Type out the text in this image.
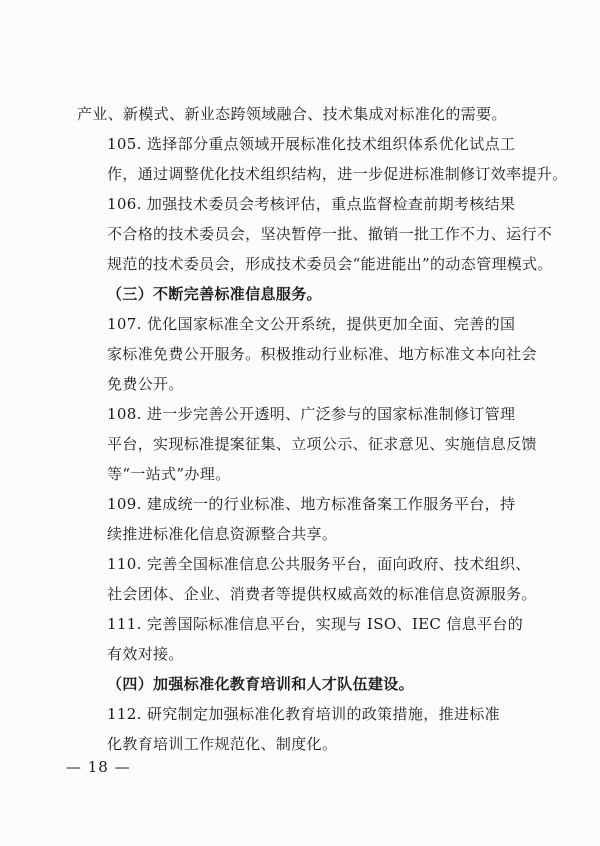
产业、新模式、新业态跨领域融合、技术集成对标准化的需要。

105. 选择部分重点领域开展标准化技术组织体系优化试点工
作，通过调整优化技术组织结构，进一步促进标准制修订效率提升。

106. 加强技术委员会考核评估，重点监督检查前期考核结果
不合格的技术委员会，坚决暂停一批、撤销一批工作不力、运行不
规范的技术委员会，形成技术委员会“能进能出”的动态管理模式。

（三）不断完善标准信息服务。

107. 优化国家标准全文公开系统，提供更加全面、完善的国
家标准免费公开服务。积极推动行业标准、地方标准文本向社会
免费公开。

108. 进一步完善公开透明、广泛参与的国家标准制修订管理
平台，实现标准提案征集、立项公示、征求意见、实施信息反馈
等“一站式”办理。

109. 建成统一的行业标准、地方标准备案工作服务平台，持
续推进标准化信息资源整合共享。

110. 完善全国标准信息公共服务平台，面向政府、技术组织、
社会团体、企业、消费者等提供权威高效的标准信息资源服务。

111. 完善国际标准信息平台，实现与 ISO、IEC 信息平台的
有效对接。

（四）加强标准化教育培训和人才队伍建设。

112. 研究制定加强标准化教育培训的政策措施，推进标准
化教育培训工作规范化、制度化。

— 18 —
